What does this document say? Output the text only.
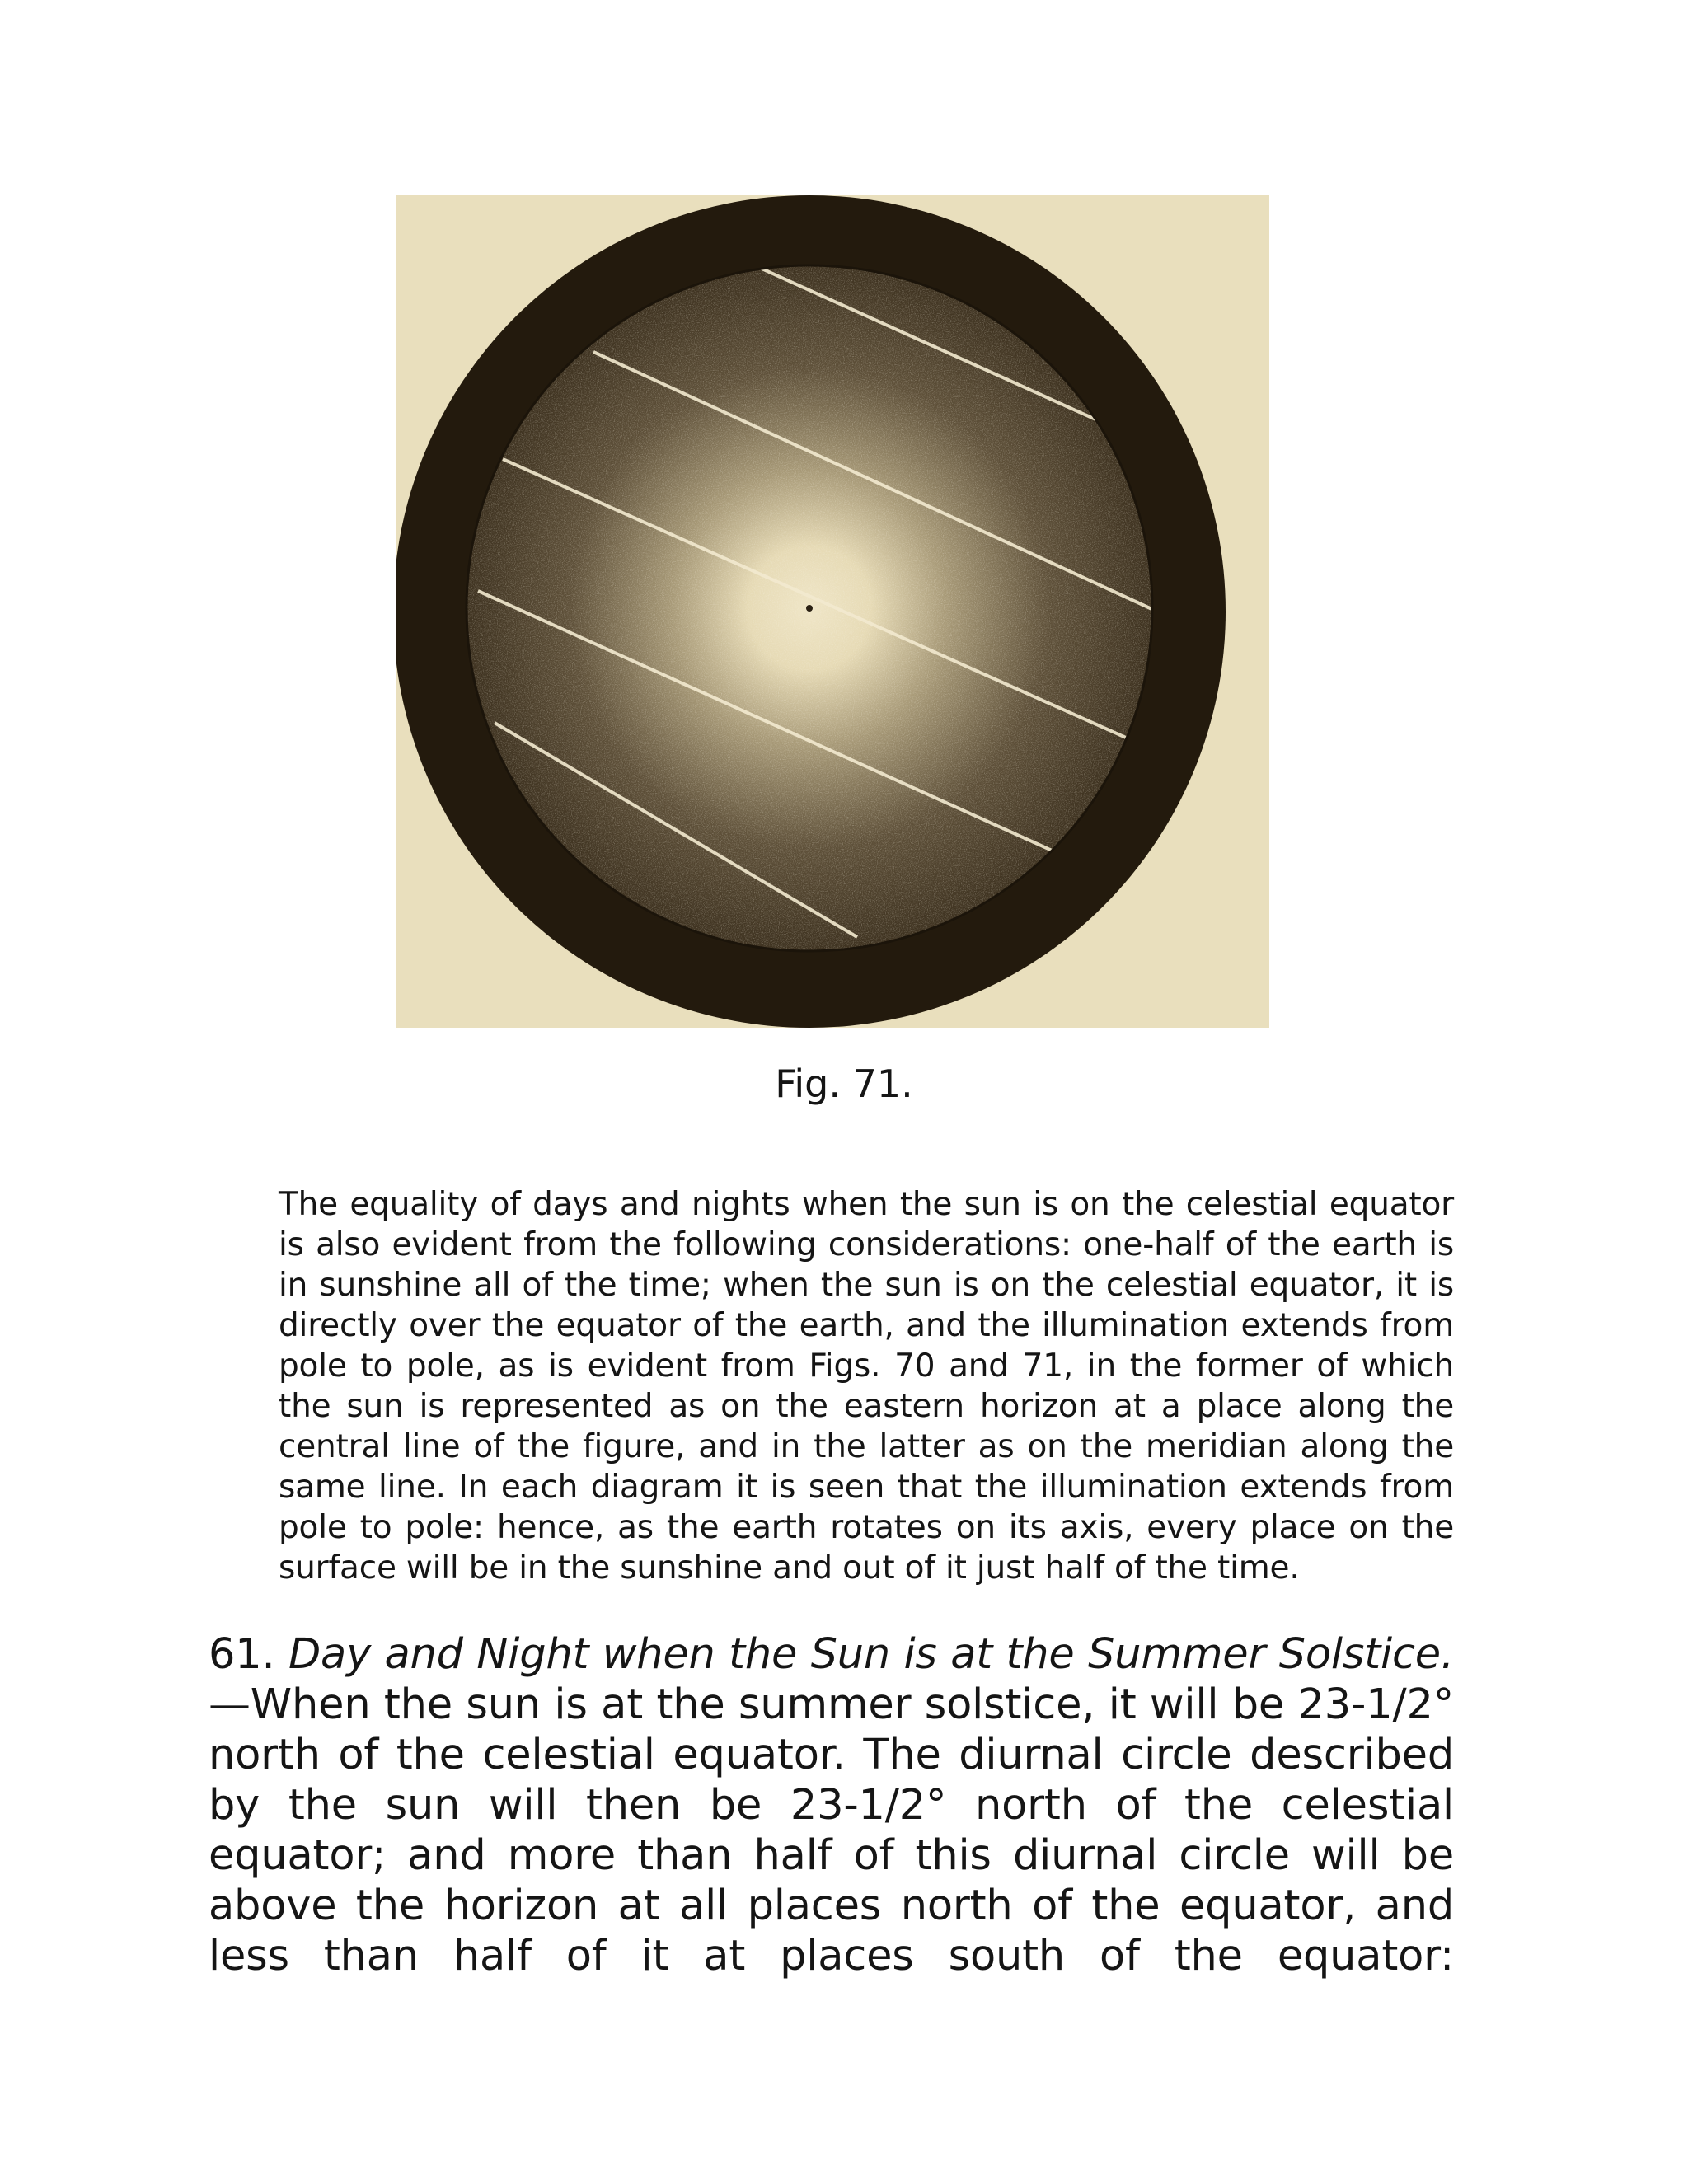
Fig. 71.

The equality of days and nights when the sun is on the celestial equator is also evident from the following considerations: one-half of the earth is in sunshine all of the time; when the sun is on the celestial equator, it is directly over the equator of the earth, and the illumination extends from pole to pole, as is evident from Figs. 70 and 71, in the former of which the sun is represented as on the eastern horizon at a place along the central line of the figure, and in the latter as on the meridian along the same line. In each diagram it is seen that the illumination extends from pole to pole: hence, as the earth rotates on its axis, every place on the surface will be in the sunshine and out of it just half of the time.

61. Day and Night when the Sun is at the Summer Solstice.—When the sun is at the summer solstice, it will be 23-1/2° north of the celestial equator. The diurnal circle described by the sun will then be 23-1/2° north of the celestial equator; and more than half of this diurnal circle will be above the horizon at all places north of the equator, and less than half of it at places south of the equator:
